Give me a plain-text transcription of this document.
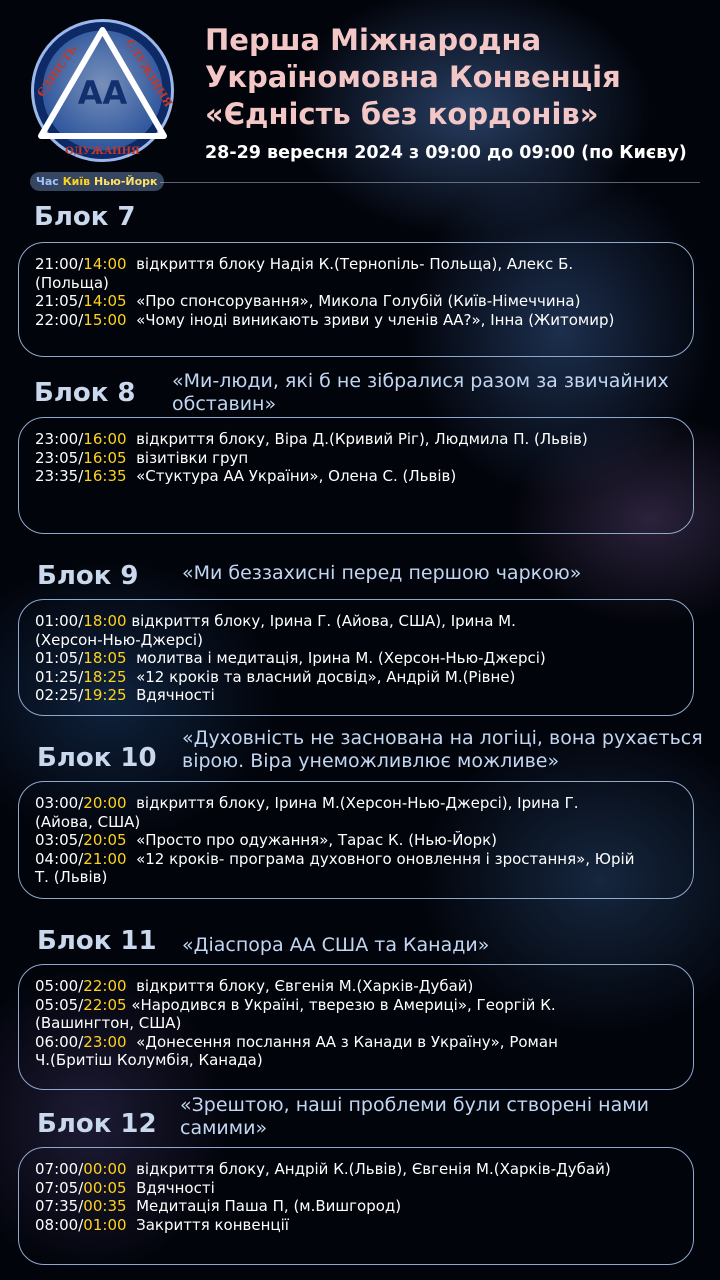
AA
ЄДНІСТЬ	СЛУЖІННЯ
ОДУЖАННЯ
Перша Міжнародна
Україномовна Конвенція
«Єдність без кордонів»
28-29 вересня 2024 з 09:00 до 09:00 (по Києву)
Час Київ Нью-Йорк
Блок 7
21:00/14:00 відкриття блоку Надія К.(Тернопіль- Польща), Алекс Б.
(Польща)
21:05/14:05 «Про спонсорування», Микола Голубій (Київ-Німеччина)
22:00/15:00 «Чому іноді виникають зриви у членів АА?», Інна (Житомир)
Блок 8 «Ми-люди, які б не зібралися разом за звичайних обставин»
23:00/16:00 відкриття блоку, Віра Д.(Кривий Ріг), Людмила П. (Львів)
23:05/16:05 візитівки груп
23:35/16:35 «Стуктура АА України», Олена С. (Львів)
Блок 9 «Ми беззахисні перед першою чаркою»
01:00/18:00 відкриття блоку, Ірина Г. (Айова, США), Ірина М.
(Херсон-Нью-Джерсі)
01:05/18:05 молитва і медитація, Ірина М. (Херсон-Нью-Джерсі)
01:25/18:25 «12 кроків та власний досвід», Андрій М.(Рівне)
02:25/19:25 Вдячності
Блок 10
«Духовність не заснована на логіці, вона рухається вірою. Віра унеможливлює можливе»
03:00/20:00 відкриття блоку, Ірина М.(Херсон-Нью-Джерсі), Ірина Г.
(Айова, США)
03:05/20:05 «Просто про одужання», Тарас К. (Нью-Йорк)
04:00/21:00 «12 кроків- програма духовного оновлення і зростання», Юрій
Т. (Львів)
Блок 11 «Діаспора АА США та Канади»
05:00/22:00 відкриття блоку, Євгенія М.(Харків-Дубай)
05:05/22:05 «Народився в Україні, тверезю в Америці», Георгій К.
(Вашингтон, США)
06:00/23:00 «Донесення послання АА з Канади в Україну», Роман
Ч.(Бритіш Колумбія, Канада)
Блок 12
«Зрештою, наші проблеми були створені нами самими»
07:00/00:00 відкриття блоку, Андрій К.(Львів), Євгенія М.(Харків-Дубай)
07:05/00:05 Вдячності
07:35/00:35 Медитація Паша П, (м.Вишгород)
08:00/01:00 Закриття конвенції
